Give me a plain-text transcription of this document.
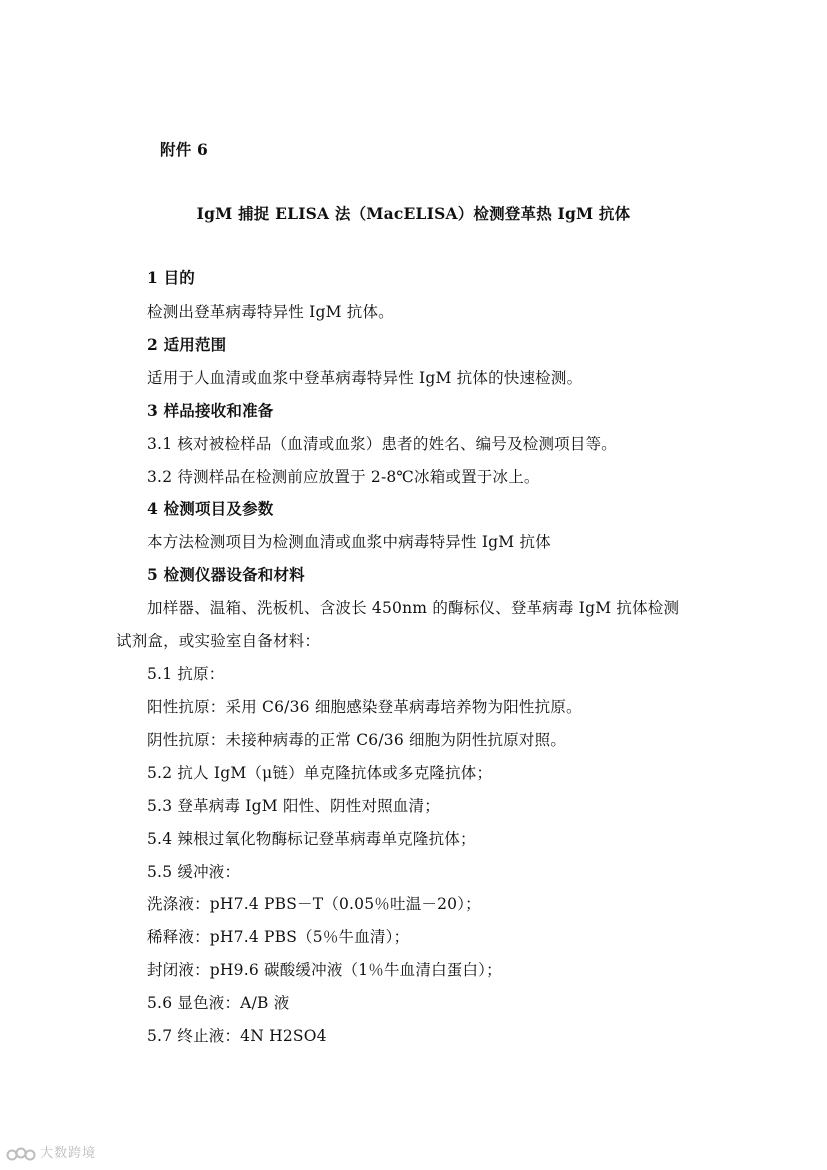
附件 6

IgM 捕捉 ELISA 法（MacELISA）检测登革热 IgM 抗体

1 目的

检测出登革病毒特异性 IgM 抗体。

2 适用范围

适用于人血清或血浆中登革病毒特异性 IgM 抗体的快速检测。

3 样品接收和准备

3.1 核对被检样品（血清或血浆）患者的姓名、编号及检测项目等。

3.2 待测样品在检测前应放置于 2-8℃冰箱或置于冰上。

4 检测项目及参数

本方法检测项目为检测血清或血浆中病毒特异性 IgM 抗体

5 检测仪器设备和材料

加样器、温箱、洗板机、含波长 450nm 的酶标仪、登革病毒 IgM 抗体检测

试剂盒，或实验室自备材料：

5.1 抗原：

阳性抗原：采用 C6/36 细胞感染登革病毒培养物为阳性抗原。

阴性抗原：未接种病毒的正常 C6/36 细胞为阴性抗原对照。

5.2 抗人 IgM（μ链）单克隆抗体或多克隆抗体；

5.3 登革病毒 IgM 阳性、阴性对照血清；

5.4 辣根过氧化物酶标记登革病毒单克隆抗体；

5.5 缓冲液：

洗涤液：pH7.4 PBS－T（0.05％吐温－20）；

稀释液：pH7.4 PBS（5％牛血清）；

封闭液：pH9.6 碳酸缓冲液（1％牛血清白蛋白）；

5.6 显色液：A/B 液

5.7 终止液：4N H2SO4

大数跨境
